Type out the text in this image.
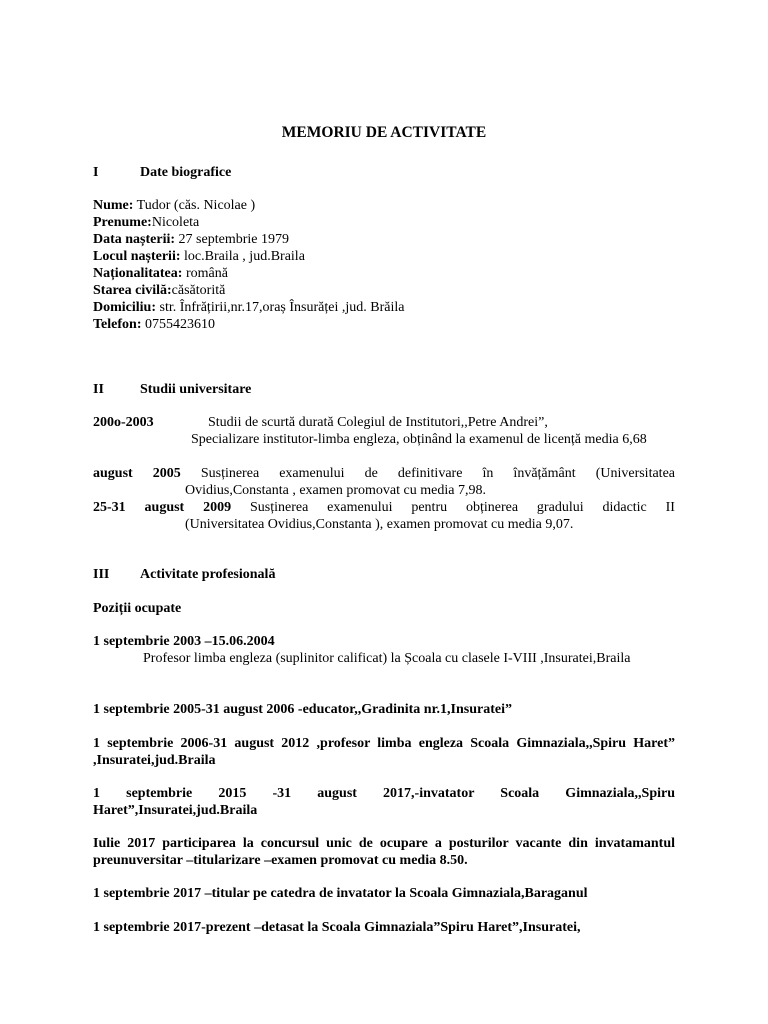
MEMORIU DE ACTIVITATE
I	Date biografice
Nume: Tudor (căs. Nicolae )
Prenume:Nicoleta
Data nașterii: 27 septembrie 1979
Locul nașterii: loc.Braila , jud.Braila
Naționalitatea: română
Starea civilă:căsătorită
Domiciliu: str. Înfrățirii,nr.17,oraș Însurăței ,jud. Brăila
Telefon: 0755423610
II	Studii universitare
200o-2003	Studii de scurtă durată Colegiul de Institutori,,Petre Andrei”,
Specializare institutor-limba engleza, obținând la examenul de licență media 6,68
august 2005 Susținerea examenului de definitivare în învățământ (Universitatea
Ovidius,Constanta , examen promovat cu media 7,98.
25-31 august 2009 Susținerea examenului pentru obținerea gradului didactic II
(Universitatea Ovidius,Constanta ), examen promovat cu media 9,07.
III Activitate profesională
Poziții ocupate
1 septembrie 2003 –15.06.2004
Profesor limba engleza (suplinitor calificat) la Școala cu clasele I-VIII ,Insuratei,Braila
1 septembrie 2005-31 august 2006 -educator,,Gradinita nr.1,Insuratei”
1 septembrie 2006-31 august 2012 ,profesor limba engleza Scoala Gimnaziala,,Spiru Haret” ,Insuratei,jud.Braila
1 septembrie 2015 -31 august 2017,-invatator Scoala Gimnaziala,,Spiru Haret”,Insuratei,jud.Braila
Iulie 2017 participarea la concursul unic de ocupare a posturilor vacante din invatamantul preunuversitar –titularizare –examen promovat cu media 8.50.
1 septembrie 2017 –titular pe catedra de invatator la Scoala Gimnaziala,Baraganul
1 septembrie 2017-prezent –detasat la Scoala Gimnaziala”Spiru Haret”,Insuratei,
